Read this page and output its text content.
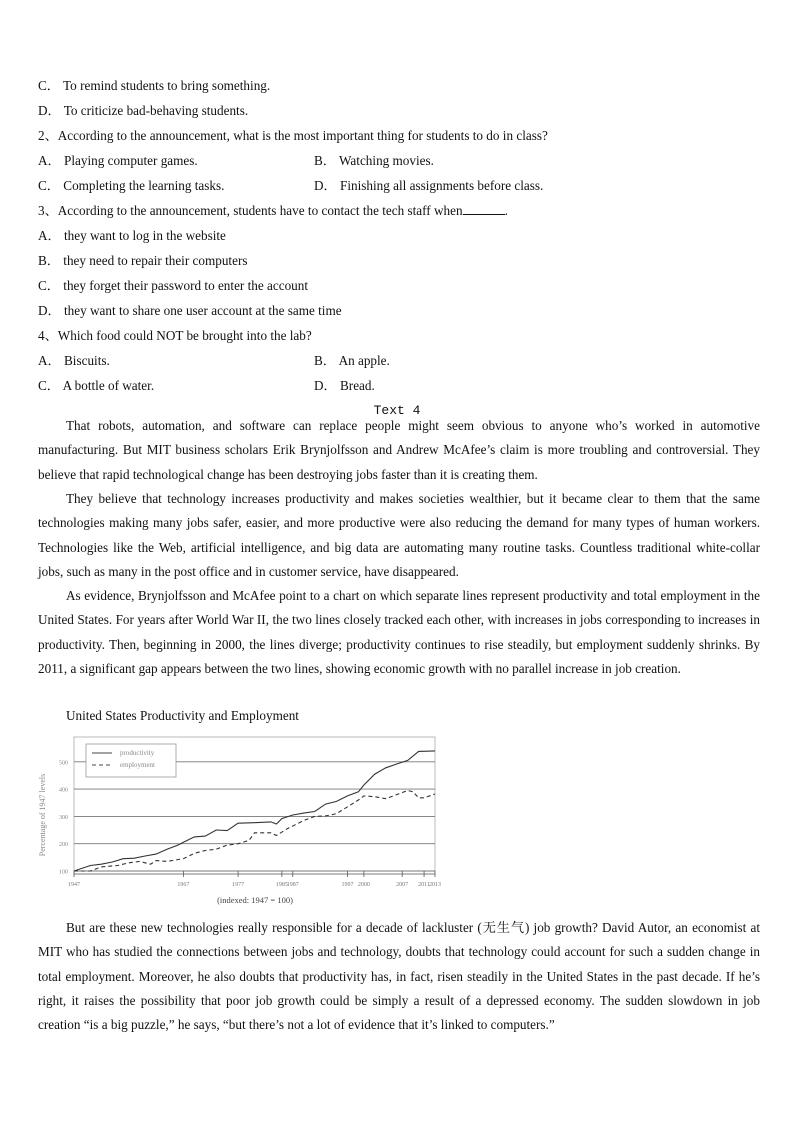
C． To remind students to bring something.
D． To criticize bad-behaving students.
2、According to the announcement, what is the most important thing for students to do in class?
A． Playing computer games.	B． Watching movies.
C． Completing the learning tasks.	D． Finishing all assignments before class.
3、According to the announcement, students have to contact the tech staff when	.
A． they want to log in the website
B． they need to repair their computers
C． they forget their password to enter the account
D． they want to share one user account at the same time
4、Which food could NOT be brought into the lab?
A． Biscuits.	B． An apple.
C． A bottle of water.	D． Bread.
Text 4
That robots, automation, and software can replace people might seem obvious to anyone who’s worked in automotive manufacturing. But MIT business scholars Erik Brynjolfsson and Andrew McAfee’s claim is more troubling and controversial. They believe that rapid technological change has been destroying jobs faster than it is creating them.
They believe that technology increases productivity and makes societies wealthier, but it became clear to them that the same technologies making many jobs safer, easier, and more productive were also reducing the demand for many types of human workers. Technologies like the Web, artificial intelligence, and big data are automating many routine tasks. Countless traditional white-collar jobs, such as many in the post office and in customer service, have disappeared.
As evidence, Brynjolfsson and McAfee point to a chart on which separate lines represent productivity and total employment in the United States. For years after World War II, the two lines closely tracked each other, with increases in jobs corresponding to increases in productivity. Then, beginning in 2000, the lines diverge; productivity continues to rise steadily, but employment suddenly shrinks. By 2011, a significant gap appears between the two lines, showing economic growth with no parallel increase in job creation.
United States Productivity and Employment
100
200
300
400
500
1947	1967	1977	1985
1987	1997 2000	2007 2011 2013
productivity
employment
Percentage of 1947 levels
(indexed: 1947 = 100)
But are these new technologies really responsible for a decade of lackluster (无生气) job growth? David Autor, an economist at MIT who has studied the connections between jobs and technology, doubts that technology could account for such a sudden change in total employment. Moreover, he also doubts that productivity has, in fact, risen steadily in the United States in the past decade. If he’s right, it raises the possibility that poor job growth could be simply a result of a depressed economy. The sudden slowdown in job creation “is a big puzzle,” he says, “but there’s not a lot of evidence that it’s linked to computers.”
